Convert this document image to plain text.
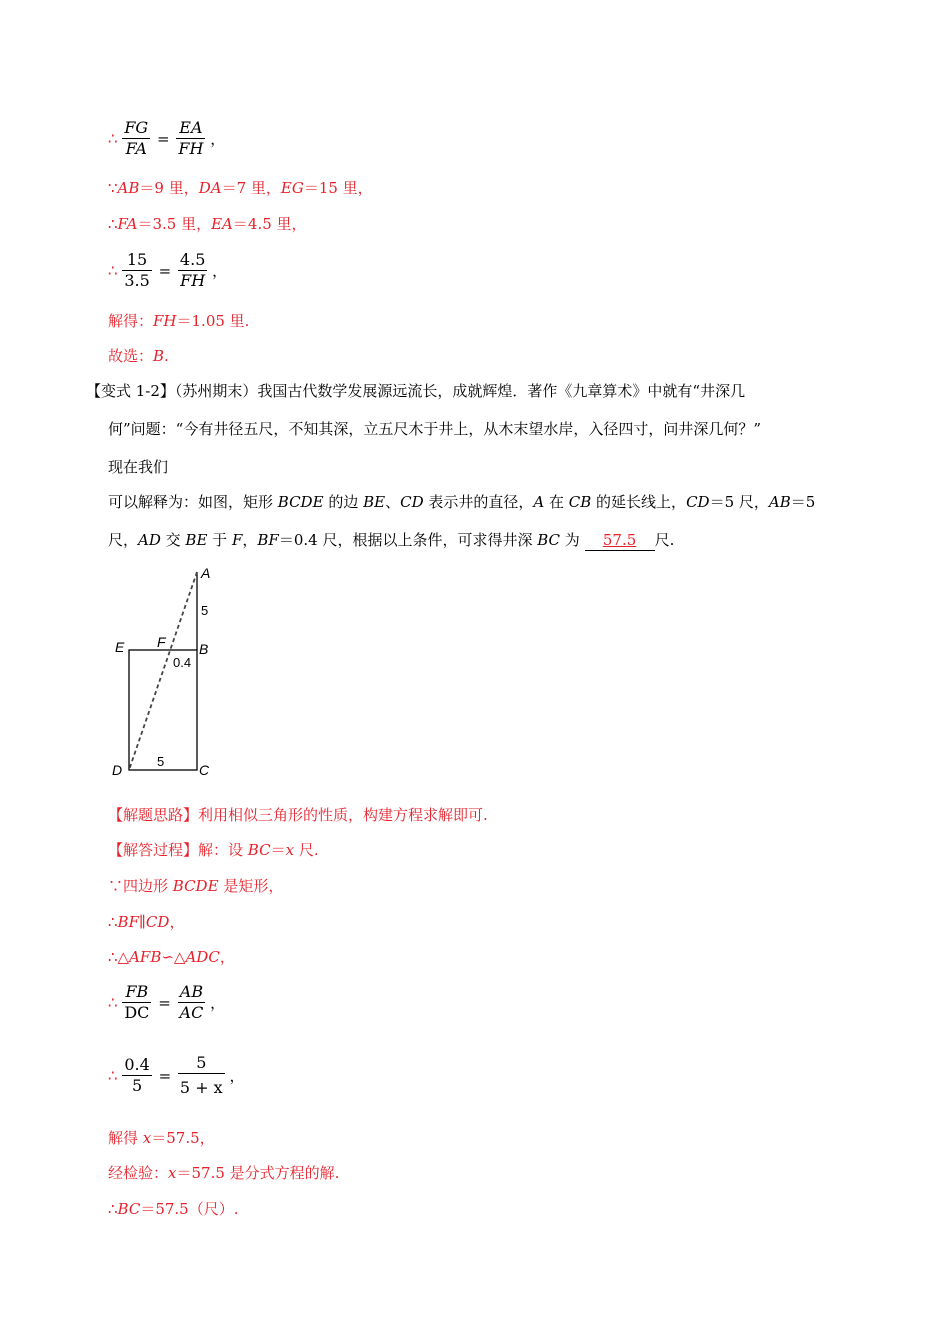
∴ $\frac{FG}{FA} = \frac{EA}{FH}$ ，
∵AB＝9 里，DA＝7 里，EG＝15 里，
∴FA＝3.5 里，EA＝4.5 里，
∴ $\frac{15}{3.5} = \frac{4.5}{FH}$ ，
解得：FH＝1.05 里.
故选：B.
【变式 1-2】（苏州期末）我国古代数学发展源远流长，成就辉煌．著作《九章算术》中就有“井深几
何”问题：“今有井径五尺，不知其深，立五尺木于井上，从木末望水岸，入径四寸，问井深几何？”
现在我们
可以解释为：如图，矩形 BCDE 的边 BE、CD 表示井的直径，A 在 CB 的延长线上，CD＝5 尺，AB＝5
尺，AD 交 BE 于 F，BF＝0.4 尺，根据以上条件，可求得井深 BC 为 57.5 尺.
A
B
C
D
E F
5
0.4
5
【解题思路】利用相似三角形的性质，构建方程求解即可.
【解答过程】解：设 BC＝x 尺.
∵四边形 BCDE 是矩形，
∴BF∥CD，
∴△AFB∽△ADC，
∴ $\frac{FB}{DC} = \frac{AB}{AC}$ ，
∴ $\frac{0.4}{5} = \frac{5}{5 + x}$ ，
解得 x＝57.5，
经检验：x＝57.5 是分式方程的解.
∴BC＝57.5（尺）.
